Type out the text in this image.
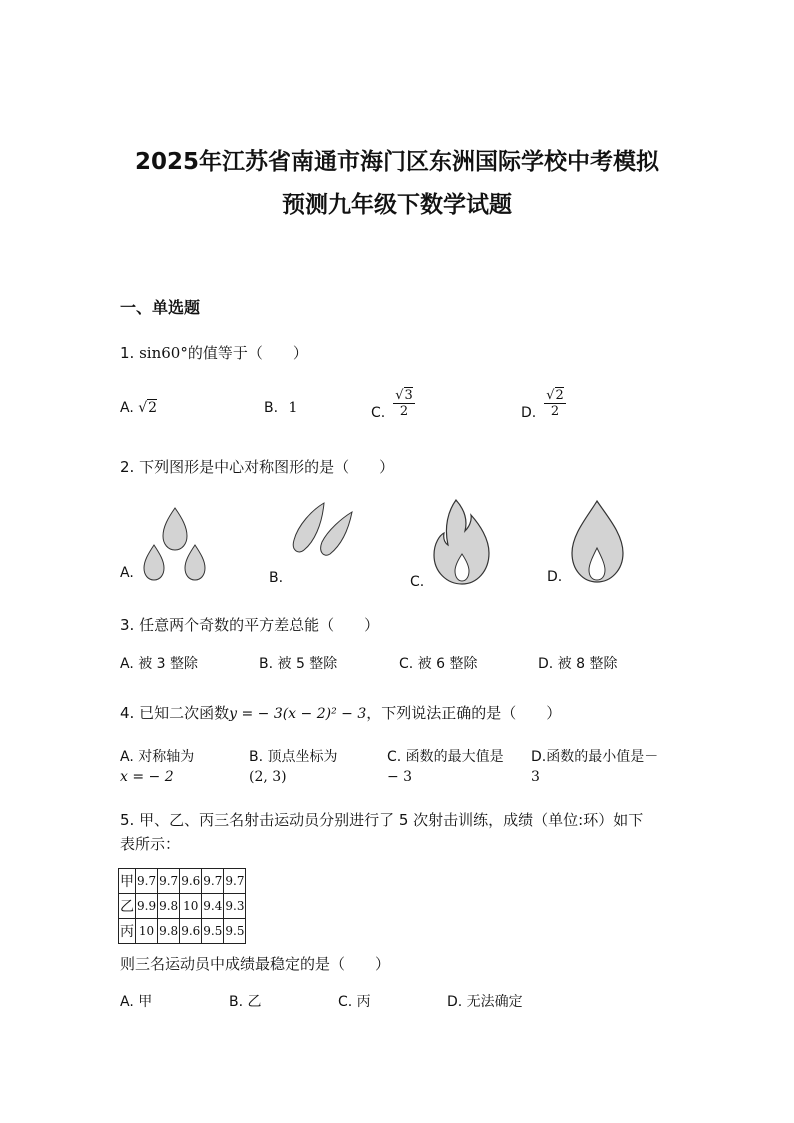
2025年江苏省南通市海门区东洲国际学校中考模拟
预测九年级下数学试题
一、单选题
1. sin60°的值等于（　　）
A. √2	B. 1	C. $\frac{√3}{2}$	D. $\frac{√2}{2}$
2. 下列图形是中心对称图形的是（　　）
A.	B.	C.	D.
3. 任意两个奇数的平方差总能（　　）
A. 被 3 整除	B. 被 5 整除	C. 被 6 整除	D. 被 8 整除
4. 已知二次函数y = − 3(x − 2)² − 3，下列说法正确的是（　　）
A. 对称轴为
x = − 2
B. 顶点坐标为
(2, 3)
C. 函数的最大值是
− 3
D.函数的最小值是－
3
5. 甲、乙、丙三名射击运动员分别进行了 5 次射击训练，成绩（单位:环）如下
表所示：
甲	9.7	9.7	9.6	9.7	9.7
乙	9.9	9.8	10	9.4	9.3
丙	10	9.8	9.6	9.5	9.5
则三名运动员中成绩最稳定的是（　　）
A. 甲	B. 乙	C. 丙	D. 无法确定
